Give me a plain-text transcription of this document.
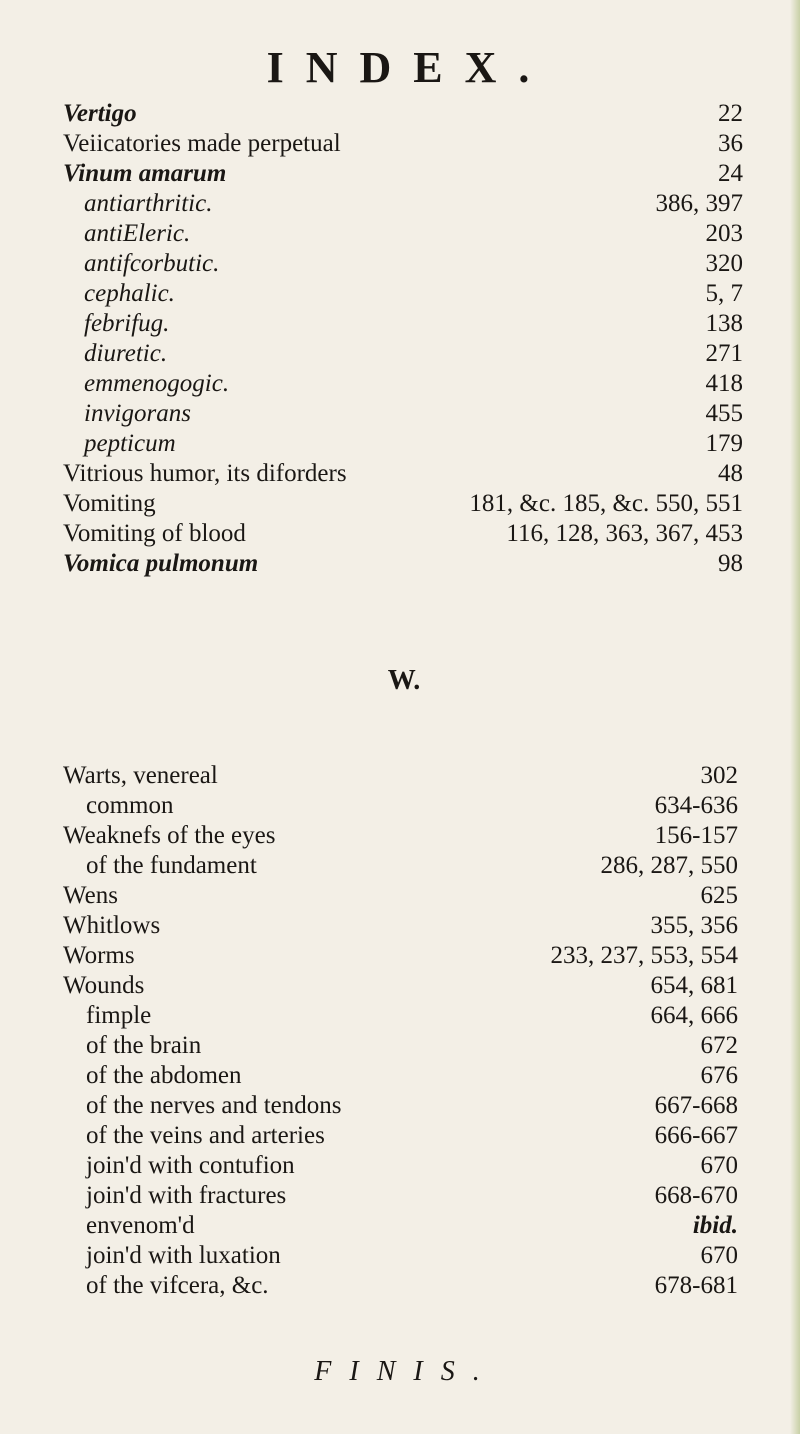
INDEX.
Vertigo	22
Veiicatories made perpetual	36
Vinum amarum	24
antiarthritic.	386, 397
antiEleric.	203
antifcorbutic.	320
cephalic.	5, 7
febrifug.	138
diuretic.	271
emmenogogic.	418
invigorans	455
pepticum	179
Vitrious humor, its diforders	48
Vomiting	181, &c. 185, &c. 550, 551
Vomiting of blood	116, 128, 363, 367, 453
Vomica pulmonum	98
W.
Warts, venereal	302
common	634-636
Weaknefs of the eyes	156-157
of the fundament	286, 287, 550
Wens	625
Whitlows	355, 356
Worms	233, 237, 553, 554
Wounds	654, 681
fimple	664, 666
of the brain	672
of the abdomen	676
of the nerves and tendons	667-668
of the veins and arteries	666-667
join'd with contufion	670
join'd with fractures	668-670
envenom'd	ibid.
join'd with luxation	670
of the vifcera, &c.	678-681
FINIS.
